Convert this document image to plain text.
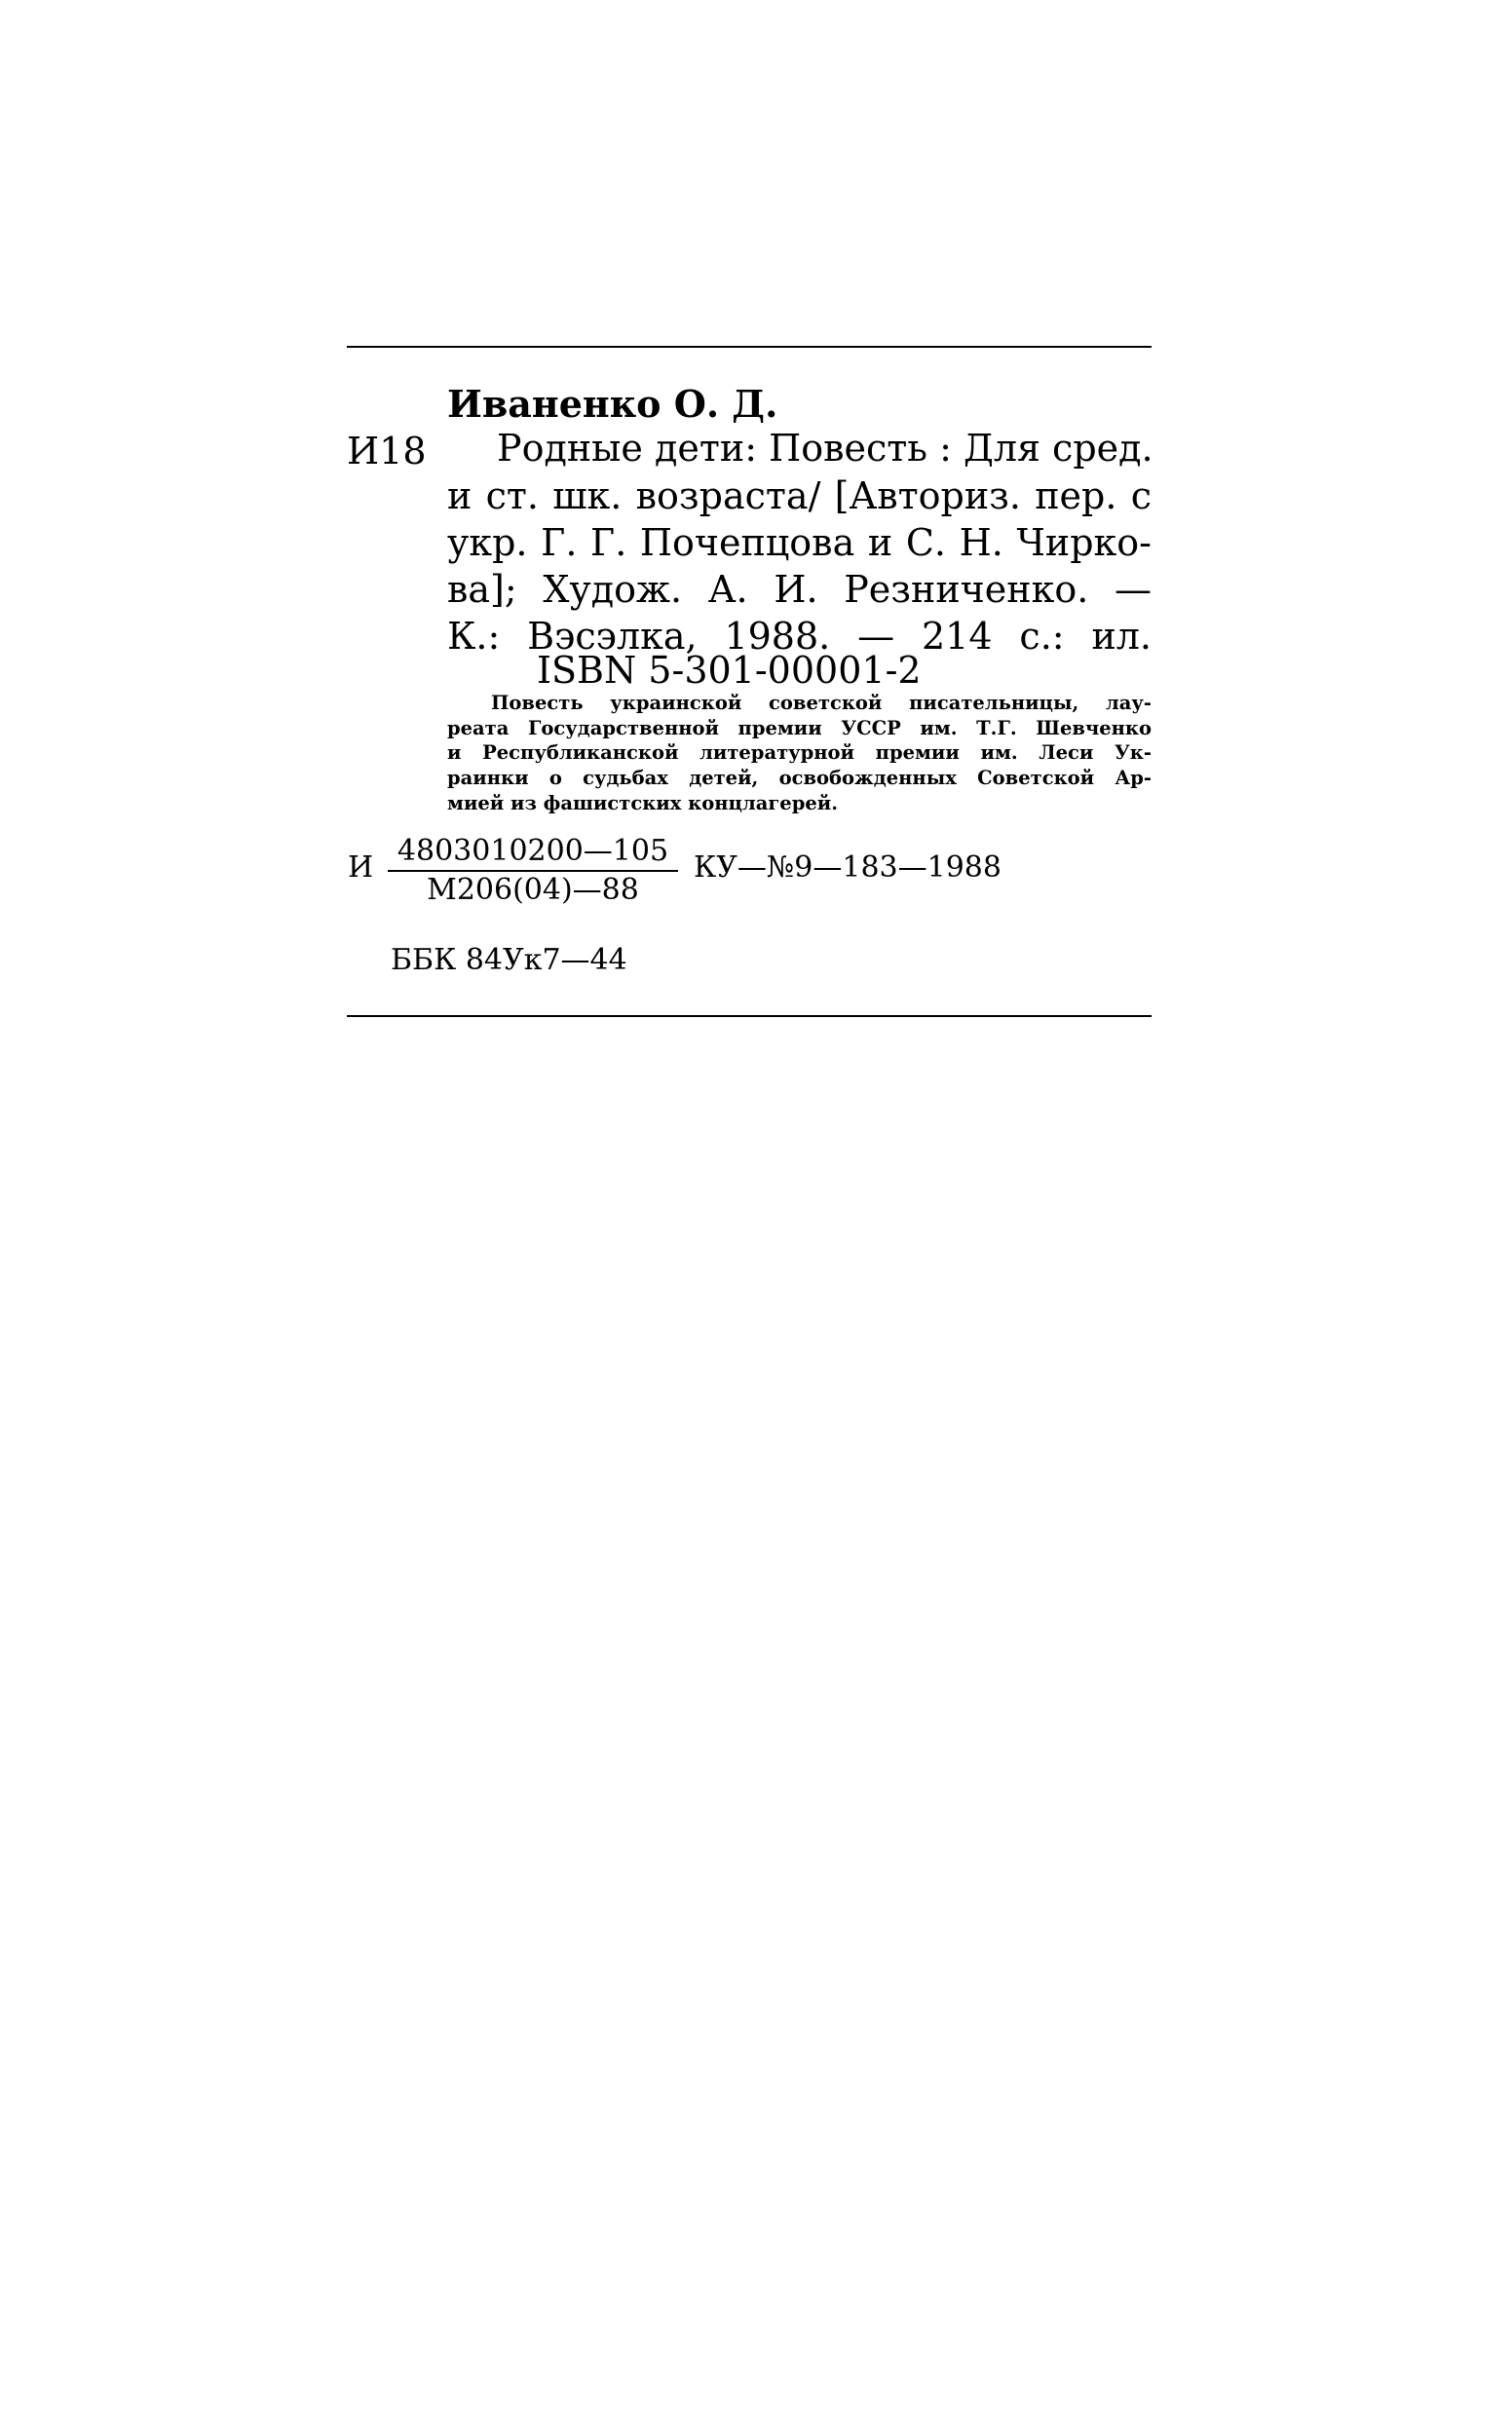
Иваненко О. Д.
И18 Родные дети: Повесть : Для сред.
и ст. шк. возраста/ [Авториз. пер. с
укр. Г. Г. Почепцова и С. Н. Чирко-
ва]; Худож. А. И. Резниченко. —
К.: Вэсэлка, 1988. — 214 с.: ил.
ISBN 5-301-00001-2
Повесть украинской советской писательницы, лау-
реата Государственной премии УССР им. Т.Г. Шевченко
и Республиканской литературной премии им. Леси Ук-
раинки о судьбах детей, освобожденных Советской Ар-
мией из фашистских концлагерей.
И 4803010200—105
М206(04)—88
КУ—№9—183—1988
ББК 84Ук7—44
